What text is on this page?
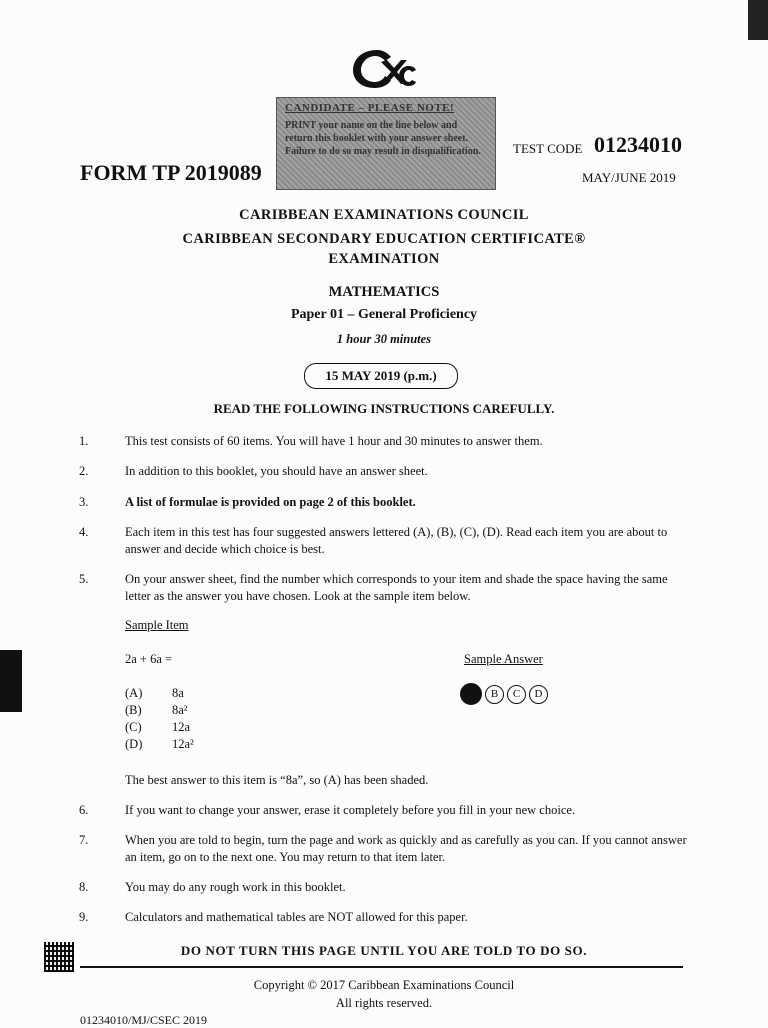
CANDIDATE – PLEASE NOTE!
PRINT your name on the line below and return this booklet with your answer sheet. Failure to do so may result in disqualification.
FORM TP 2019089
TEST CODE 01234010
MAY/JUNE 2019
CARIBBEAN EXAMINATIONS COUNCIL
CARIBBEAN SECONDARY EDUCATION CERTIFICATE®
EXAMINATION
MATHEMATICS
Paper 01 – General Proficiency
1 hour 30 minutes
15 MAY 2019 (p.m.)
READ THE FOLLOWING INSTRUCTIONS CAREFULLY.
1.	This test consists of 60 items. You will have 1 hour and 30 minutes to answer them.
2.	In addition to this booklet, you should have an answer sheet.
3.	A list of formulae is provided on page 2 of this booklet.
4.	Each item in this test has four suggested answers lettered (A), (B), (C), (D). Read each item you are about to answer and decide which choice is best.
5.	On your answer sheet, find the number which corresponds to your item and shade the space having the same letter as the answer you have chosen. Look at the sample item below.
Sample Item
2a + 6a =	Sample Answer
(A) 8a
(B) 8a²
(C) 12a
(D) 12a²
B	C	D
The best answer to this item is “8a”, so (A) has been shaded.
6.	If you want to change your answer, erase it completely before you fill in your new choice.
7.	When you are told to begin, turn the page and work as quickly and as carefully as you can. If you cannot answer an item, go on to the next one. You may return to that item later.
8.	You may do any rough work in this booklet.
9.	Calculators and mathematical tables are NOT allowed for this paper.
DO NOT TURN THIS PAGE UNTIL YOU ARE TOLD TO DO SO.
Copyright © 2017 Caribbean Examinations Council
All rights reserved.
01234010/MJ/CSEC 2019
